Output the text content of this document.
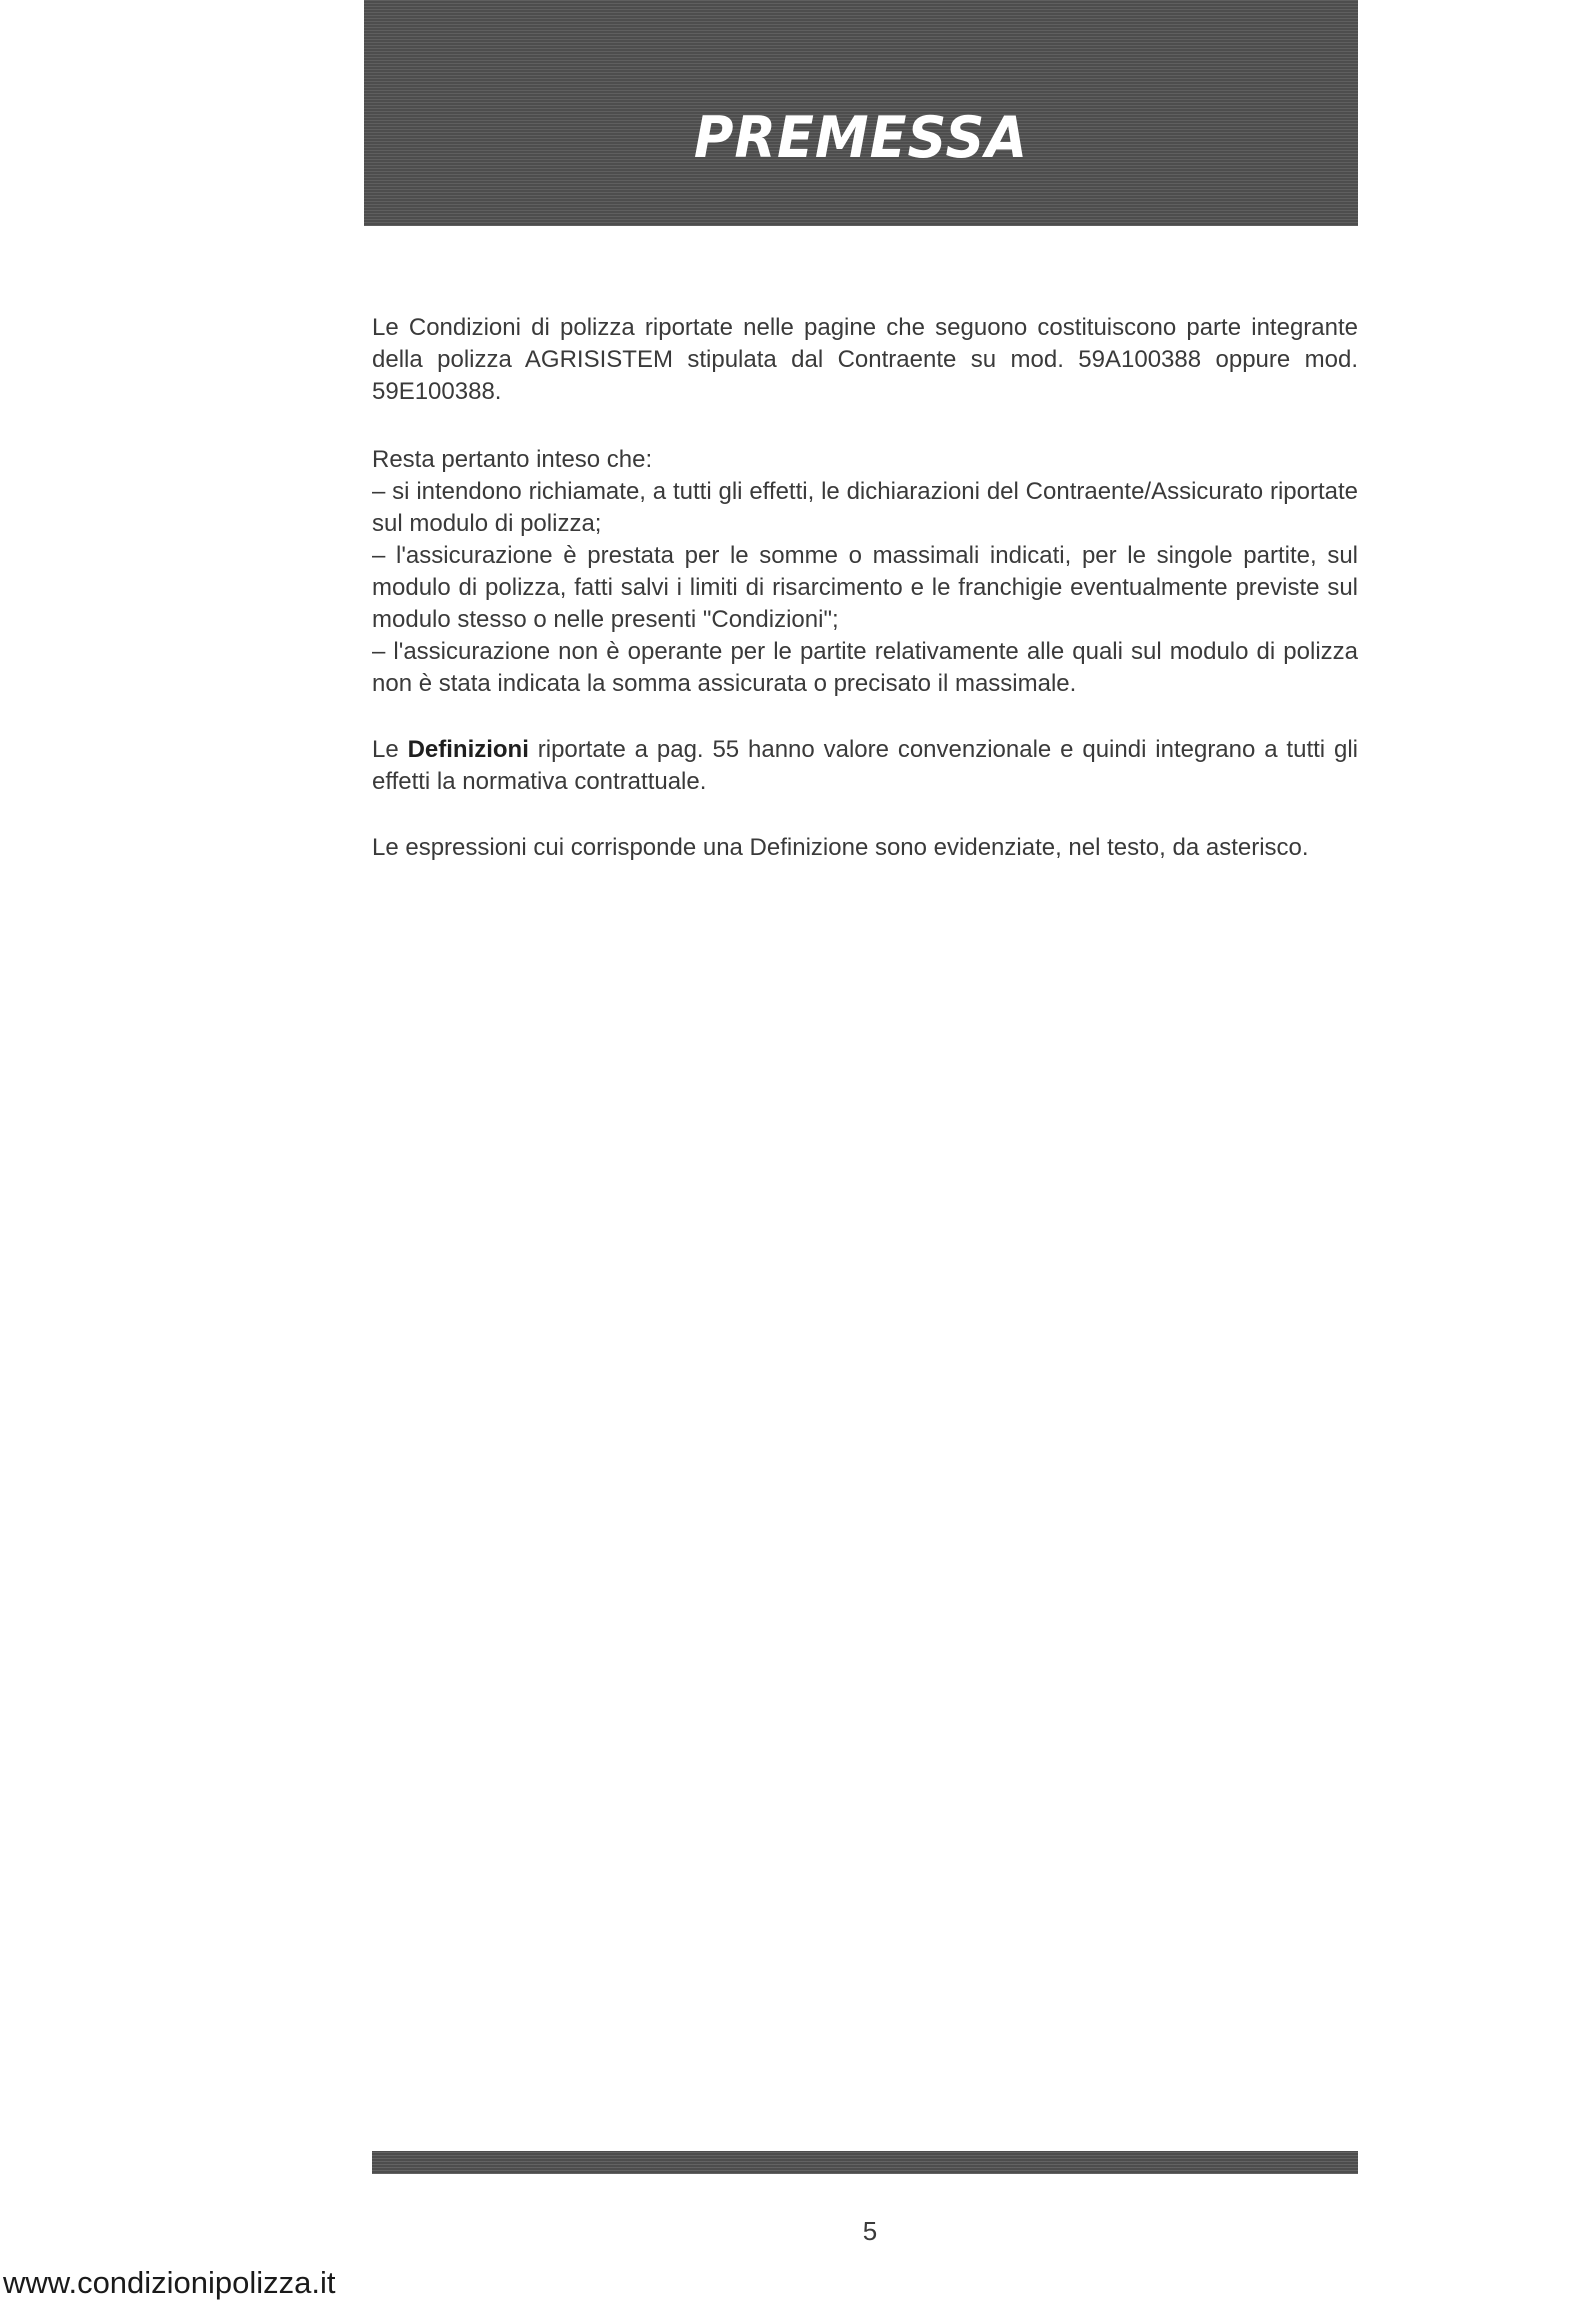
PREMESSA

Le Condizioni di polizza riportate nelle pagine che seguono costituiscono parte integrante della polizza AGRISISTEM stipulata dal Contraente su mod. 59A100388 oppure mod. 59E100388.

Resta pertanto inteso che:

– si intendono richiamate, a tutti gli effetti, le dichiarazioni del Contraente/Assicurato riportate sul modulo di polizza;

– l'assicurazione è prestata per le somme o massimali indicati, per le singole partite, sul modulo di polizza, fatti salvi i limiti di risarcimento e le franchigie eventualmente previste sul modulo stesso o nelle presenti "Condizioni";

– l'assicurazione non è operante per le partite relativamente alle quali sul modulo di polizza non è stata indicata la somma assicurata o precisato il massimale.

Le Definizioni riportate a pag. 55 hanno valore convenzionale e quindi integrano a tutti gli effetti la normativa contrattuale.

Le espressioni cui corrisponde una Definizione sono evidenziate, nel testo, da asterisco.

5
www.condizionipolizza.it
